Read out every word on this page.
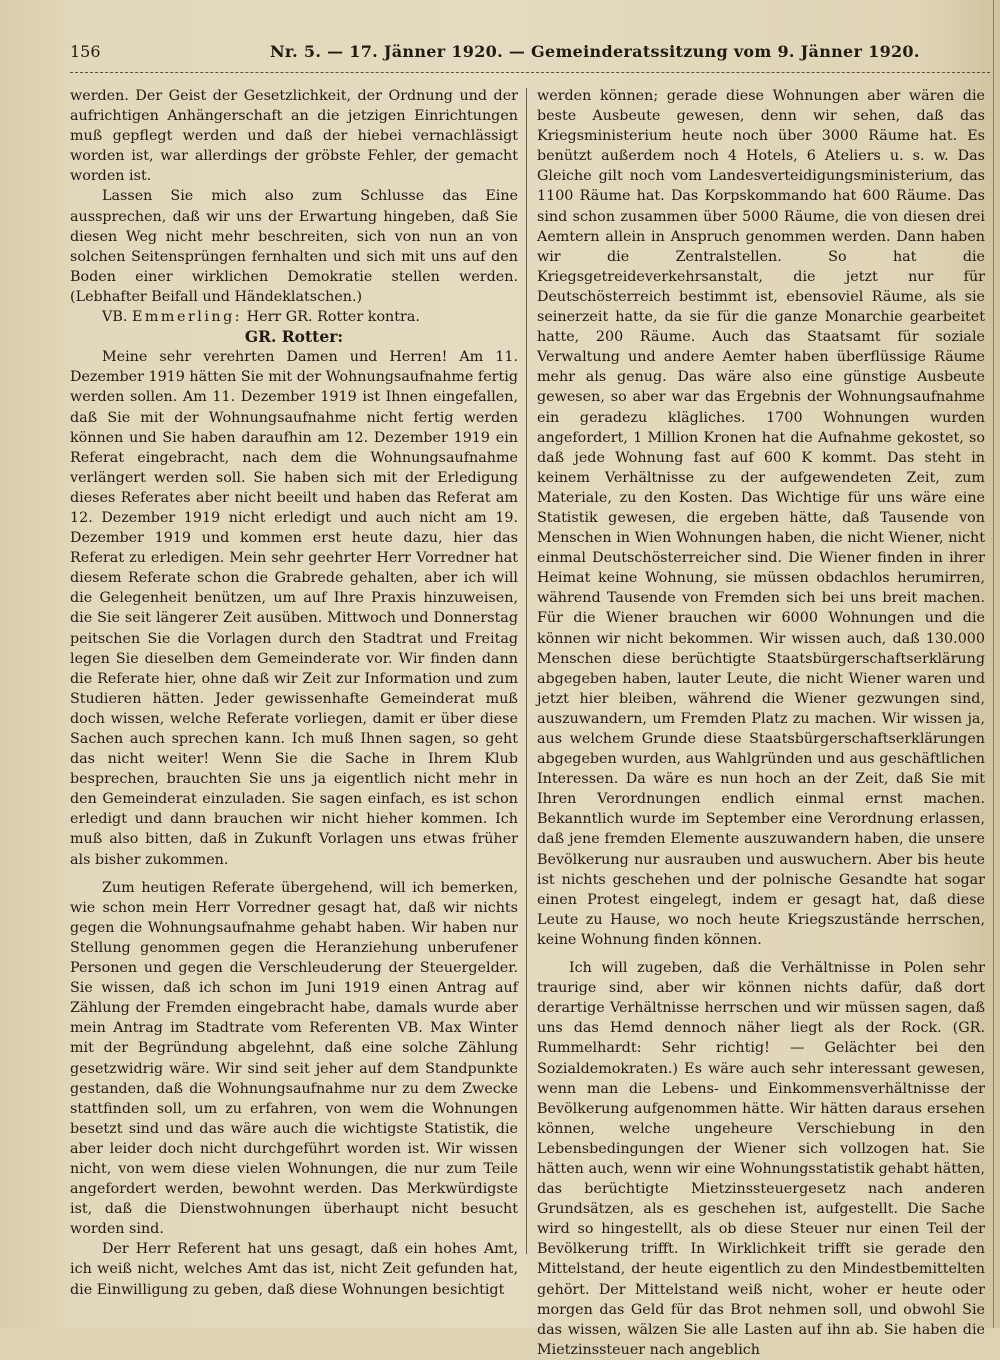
156	Nr. 5. — 17. Jänner 1920. — Gemeinderatssitzung vom 9. Jänner 1920.

werden. Der Geist der Gesetzlichkeit, der Ordnung und der aufrichtigen Anhängerschaft an die jetzigen Einrichtungen muß gepflegt werden und daß der hiebei vernachlässigt worden ist, war allerdings der gröbste Fehler, der gemacht worden ist.

Lassen Sie mich also zum Schlusse das Eine aussprechen, daß wir uns der Erwartung hingeben, daß Sie diesen Weg nicht mehr beschreiten, sich von nun an von solchen Seitensprüngen fernhalten und sich mit uns auf den Boden einer wirklichen Demokratie stellen werden. (Lebhafter Beifall und Händeklatschen.)

VB. Emmerling: Herr GR. Rotter kontra.

GR. Rotter:

Meine sehr verehrten Damen und Herren! Am 11. Dezember 1919 hätten Sie mit der Wohnungsaufnahme fertig werden sollen. Am 11. Dezember 1919 ist Ihnen eingefallen, daß Sie mit der Wohnungsaufnahme nicht fertig werden können und Sie haben daraufhin am 12. Dezember 1919 ein Referat eingebracht, nach dem die Wohnungsaufnahme verlängert werden soll. Sie haben sich mit der Erledigung dieses Referates aber nicht beeilt und haben das Referat am 12. Dezember 1919 nicht erledigt und auch nicht am 19. Dezember 1919 und kommen erst heute dazu, hier das Referat zu erledigen. Mein sehr geehrter Herr Vorredner hat diesem Referate schon die Grabrede gehalten, aber ich will die Gelegenheit benützen, um auf Ihre Praxis hinzuweisen, die Sie seit längerer Zeit ausüben. Mittwoch und Donnerstag peitschen Sie die Vorlagen durch den Stadtrat und Freitag legen Sie dieselben dem Gemeinderate vor. Wir finden dann die Referate hier, ohne daß wir Zeit zur Information und zum Studieren hätten. Jeder gewissenhafte Gemeinderat muß doch wissen, welche Referate vorliegen, damit er über diese Sachen auch sprechen kann. Ich muß Ihnen sagen, so geht das nicht weiter! Wenn Sie die Sache in Ihrem Klub besprechen, brauchten Sie uns ja eigentlich nicht mehr in den Gemeinderat einzuladen. Sie sagen einfach, es ist schon erledigt und dann brauchen wir nicht hieher kommen. Ich muß also bitten, daß in Zukunft Vorlagen uns etwas früher als bisher zukommen.

Zum heutigen Referate übergehend, will ich bemerken, wie schon mein Herr Vorredner gesagt hat, daß wir nichts gegen die Wohnungsaufnahme gehabt haben. Wir haben nur Stellung genommen gegen die Heranziehung unberufener Personen und gegen die Verschleuderung der Steuergelder. Sie wissen, daß ich schon im Juni 1919 einen Antrag auf Zählung der Fremden eingebracht habe, damals wurde aber mein Antrag im Stadtrate vom Referenten VB. Max Winter mit der Begründung abgelehnt, daß eine solche Zählung gesetzwidrig wäre. Wir sind seit jeher auf dem Standpunkte gestanden, daß die Wohnungsaufnahme nur zu dem Zwecke stattfinden soll, um zu erfahren, von wem die Wohnungen besetzt sind und das wäre auch die wichtigste Statistik, die aber leider doch nicht durchgeführt worden ist. Wir wissen nicht, von wem diese vielen Wohnungen, die nur zum Teile angefordert werden, bewohnt werden. Das Merkwürdigste ist, daß die Dienstwohnungen überhaupt nicht besucht worden sind.

Der Herr Referent hat uns gesagt, daß ein hohes Amt, ich weiß nicht, welches Amt das ist, nicht Zeit gefunden hat, die Einwilligung zu geben, daß diese Wohnungen besichtigt

werden können; gerade diese Wohnungen aber wären die beste Ausbeute gewesen, denn wir sehen, daß das Kriegsministerium heute noch über 3000 Räume hat. Es benützt außerdem noch 4 Hotels, 6 Ateliers u. s. w. Das Gleiche gilt noch vom Landesverteidigungsministerium, das 1100 Räume hat. Das Korpskommando hat 600 Räume. Das sind schon zusammen über 5000 Räume, die von diesen drei Aemtern allein in Anspruch genommen werden. Dann haben wir die Zentralstellen. So hat die Kriegsgetreideverkehrsanstalt, die jetzt nur für Deutschösterreich bestimmt ist, ebensoviel Räume, als sie seinerzeit hatte, da sie für die ganze Monarchie gearbeitet hatte, 200 Räume. Auch das Staatsamt für soziale Verwaltung und andere Aemter haben überflüssige Räume mehr als genug. Das wäre also eine günstige Ausbeute gewesen, so aber war das Ergebnis der Wohnungsaufnahme ein geradezu klägliches. 1700 Wohnungen wurden angefordert, 1 Million Kronen hat die Aufnahme gekostet, so daß jede Wohnung fast auf 600 K kommt. Das steht in keinem Verhältnisse zu der aufgewendeten Zeit, zum Materiale, zu den Kosten. Das Wichtige für uns wäre eine Statistik gewesen, die ergeben hätte, daß Tausende von Menschen in Wien Wohnungen haben, die nicht Wiener, nicht einmal Deutschösterreicher sind. Die Wiener finden in ihrer Heimat keine Wohnung, sie müssen obdachlos herumirren, während Tausende von Fremden sich bei uns breit machen. Für die Wiener brauchen wir 6000 Wohnungen und die können wir nicht bekommen. Wir wissen auch, daß 130.000 Menschen diese berüchtigte Staatsbürgerschaftserklärung abgegeben haben, lauter Leute, die nicht Wiener waren und jetzt hier bleiben, während die Wiener gezwungen sind, auszuwandern, um Fremden Platz zu machen. Wir wissen ja, aus welchem Grunde diese Staatsbürgerschaftserklärungen abgegeben wurden, aus Wahlgründen und aus geschäftlichen Interessen. Da wäre es nun hoch an der Zeit, daß Sie mit Ihren Verordnungen endlich einmal ernst machen. Bekanntlich wurde im September eine Verordnung erlassen, daß jene fremden Elemente auszuwandern haben, die unsere Bevölkerung nur ausrauben und auswuchern. Aber bis heute ist nichts geschehen und der polnische Gesandte hat sogar einen Protest eingelegt, indem er gesagt hat, daß diese Leute zu Hause, wo noch heute Kriegszustände herrschen, keine Wohnung finden können.

Ich will zugeben, daß die Verhältnisse in Polen sehr traurige sind, aber wir können nichts dafür, daß dort derartige Verhältnisse herrschen und wir müssen sagen, daß uns das Hemd dennoch näher liegt als der Rock. (GR. Rummelhardt: Sehr richtig! — Gelächter bei den Sozialdemokraten.) Es wäre auch sehr interessant gewesen, wenn man die Lebens- und Einkommensverhältnisse der Bevölkerung aufgenommen hätte. Wir hätten daraus ersehen können, welche ungeheure Verschiebung in den Lebensbedingungen der Wiener sich vollzogen hat. Sie hätten auch, wenn wir eine Wohnungsstatistik gehabt hätten, das berüchtigte Mietzinssteuergesetz nach anderen Grundsätzen, als es geschehen ist, aufgestellt. Die Sache wird so hingestellt, als ob diese Steuer nur einen Teil der Bevölkerung trifft. In Wirklichkeit trifft sie gerade den Mittelstand, der heute eigentlich zu den Mindestbemittelten gehört. Der Mittelstand weiß nicht, woher er heute oder morgen das Geld für das Brot nehmen soll, und obwohl Sie das wissen, wälzen Sie alle Lasten auf ihn ab. Sie haben die Mietzinssteuer nach angeblich
